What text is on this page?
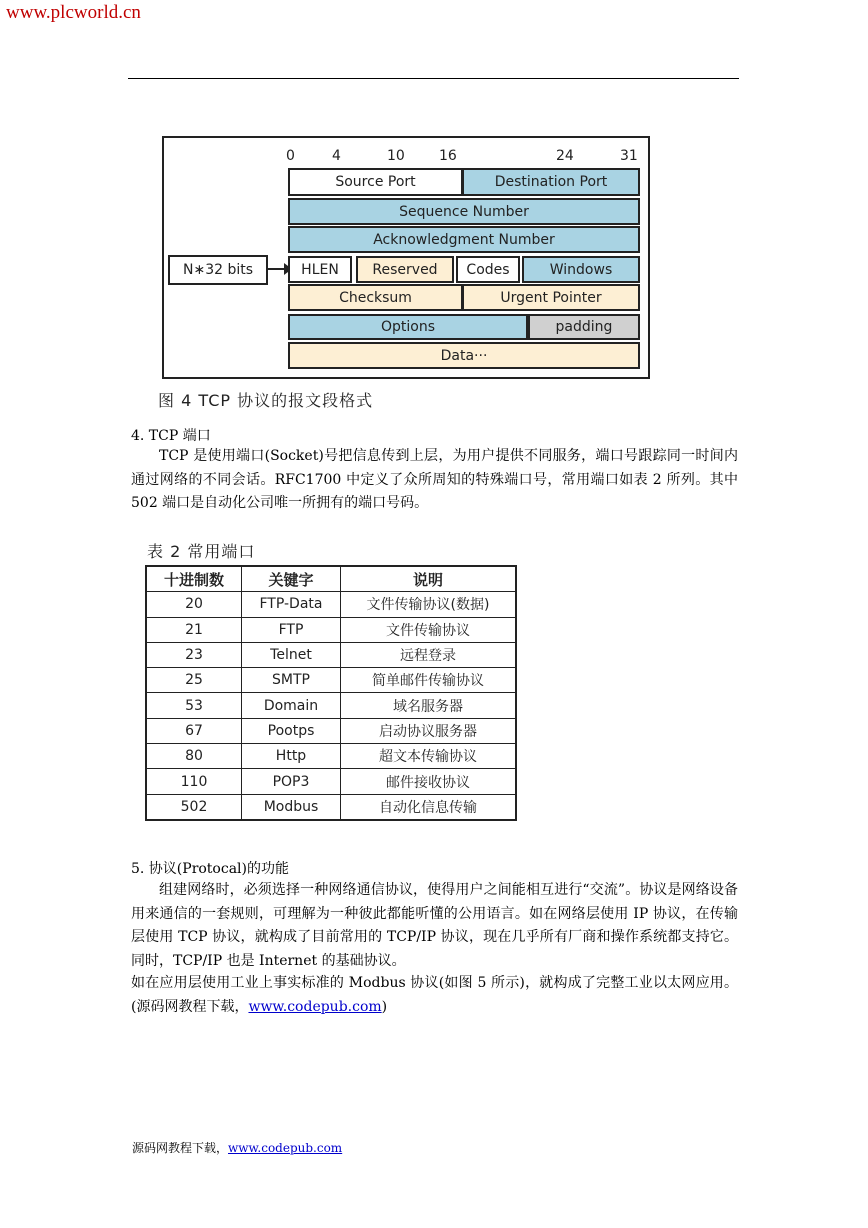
www.plcworld.cn
0	4	10 16	24	31
Source Port	Destination Port
Sequence Number
Acknowledgment Number
N∗32 bits	HLEN	Reserved	Codes	Windows
Checksum	Urgent Pointer
Options	padding
Data···
图 4 TCP 协议的报文段格式
4. TCP 端口
TCP 是使用端口(Socket)号把信息传到上层，为用户提供不同服务，端口号跟踪同一时间内通过网络的不同会话。RFC1700 中定义了众所周知的特殊端口号，常用端口如表 2 所列。其中 502 端口是自动化公司唯一所拥有的端口号码。
表 2 常用端口
十进制数	关键字	说明
20	FTP-Data	文件传输协议(数据)
21	FTP	文件传输协议
23	Telnet	远程登录
25	SMTP	简单邮件传输协议
53	Domain	域名服务器
67	Pootps	启动协议服务器
80	Http	超文本传输协议
110	POP3	邮件接收协议
502	Modbus	自动化信息传输
5. 协议(Protocal)的功能
组建网络时，必须选择一种网络通信协议，使得用户之间能相互进行“交流”。协议是网络设备用来通信的一套规则，可理解为一种彼此都能听懂的公用语言。如在网络层使用 IP 协议，在传输层使用 TCP 协议，就构成了目前常用的 TCP/IP 协议，现在几乎所有厂商和操作系统都支持它。同时，TCP/IP 也是 Internet 的基础协议。
如在应用层使用工业上事实标准的 Modbus 协议(如图 5 所示)，就构成了完整工业以太网应用。(源码网教程下载，www.codepub.com)
源码网教程下载，www.codepub.com
